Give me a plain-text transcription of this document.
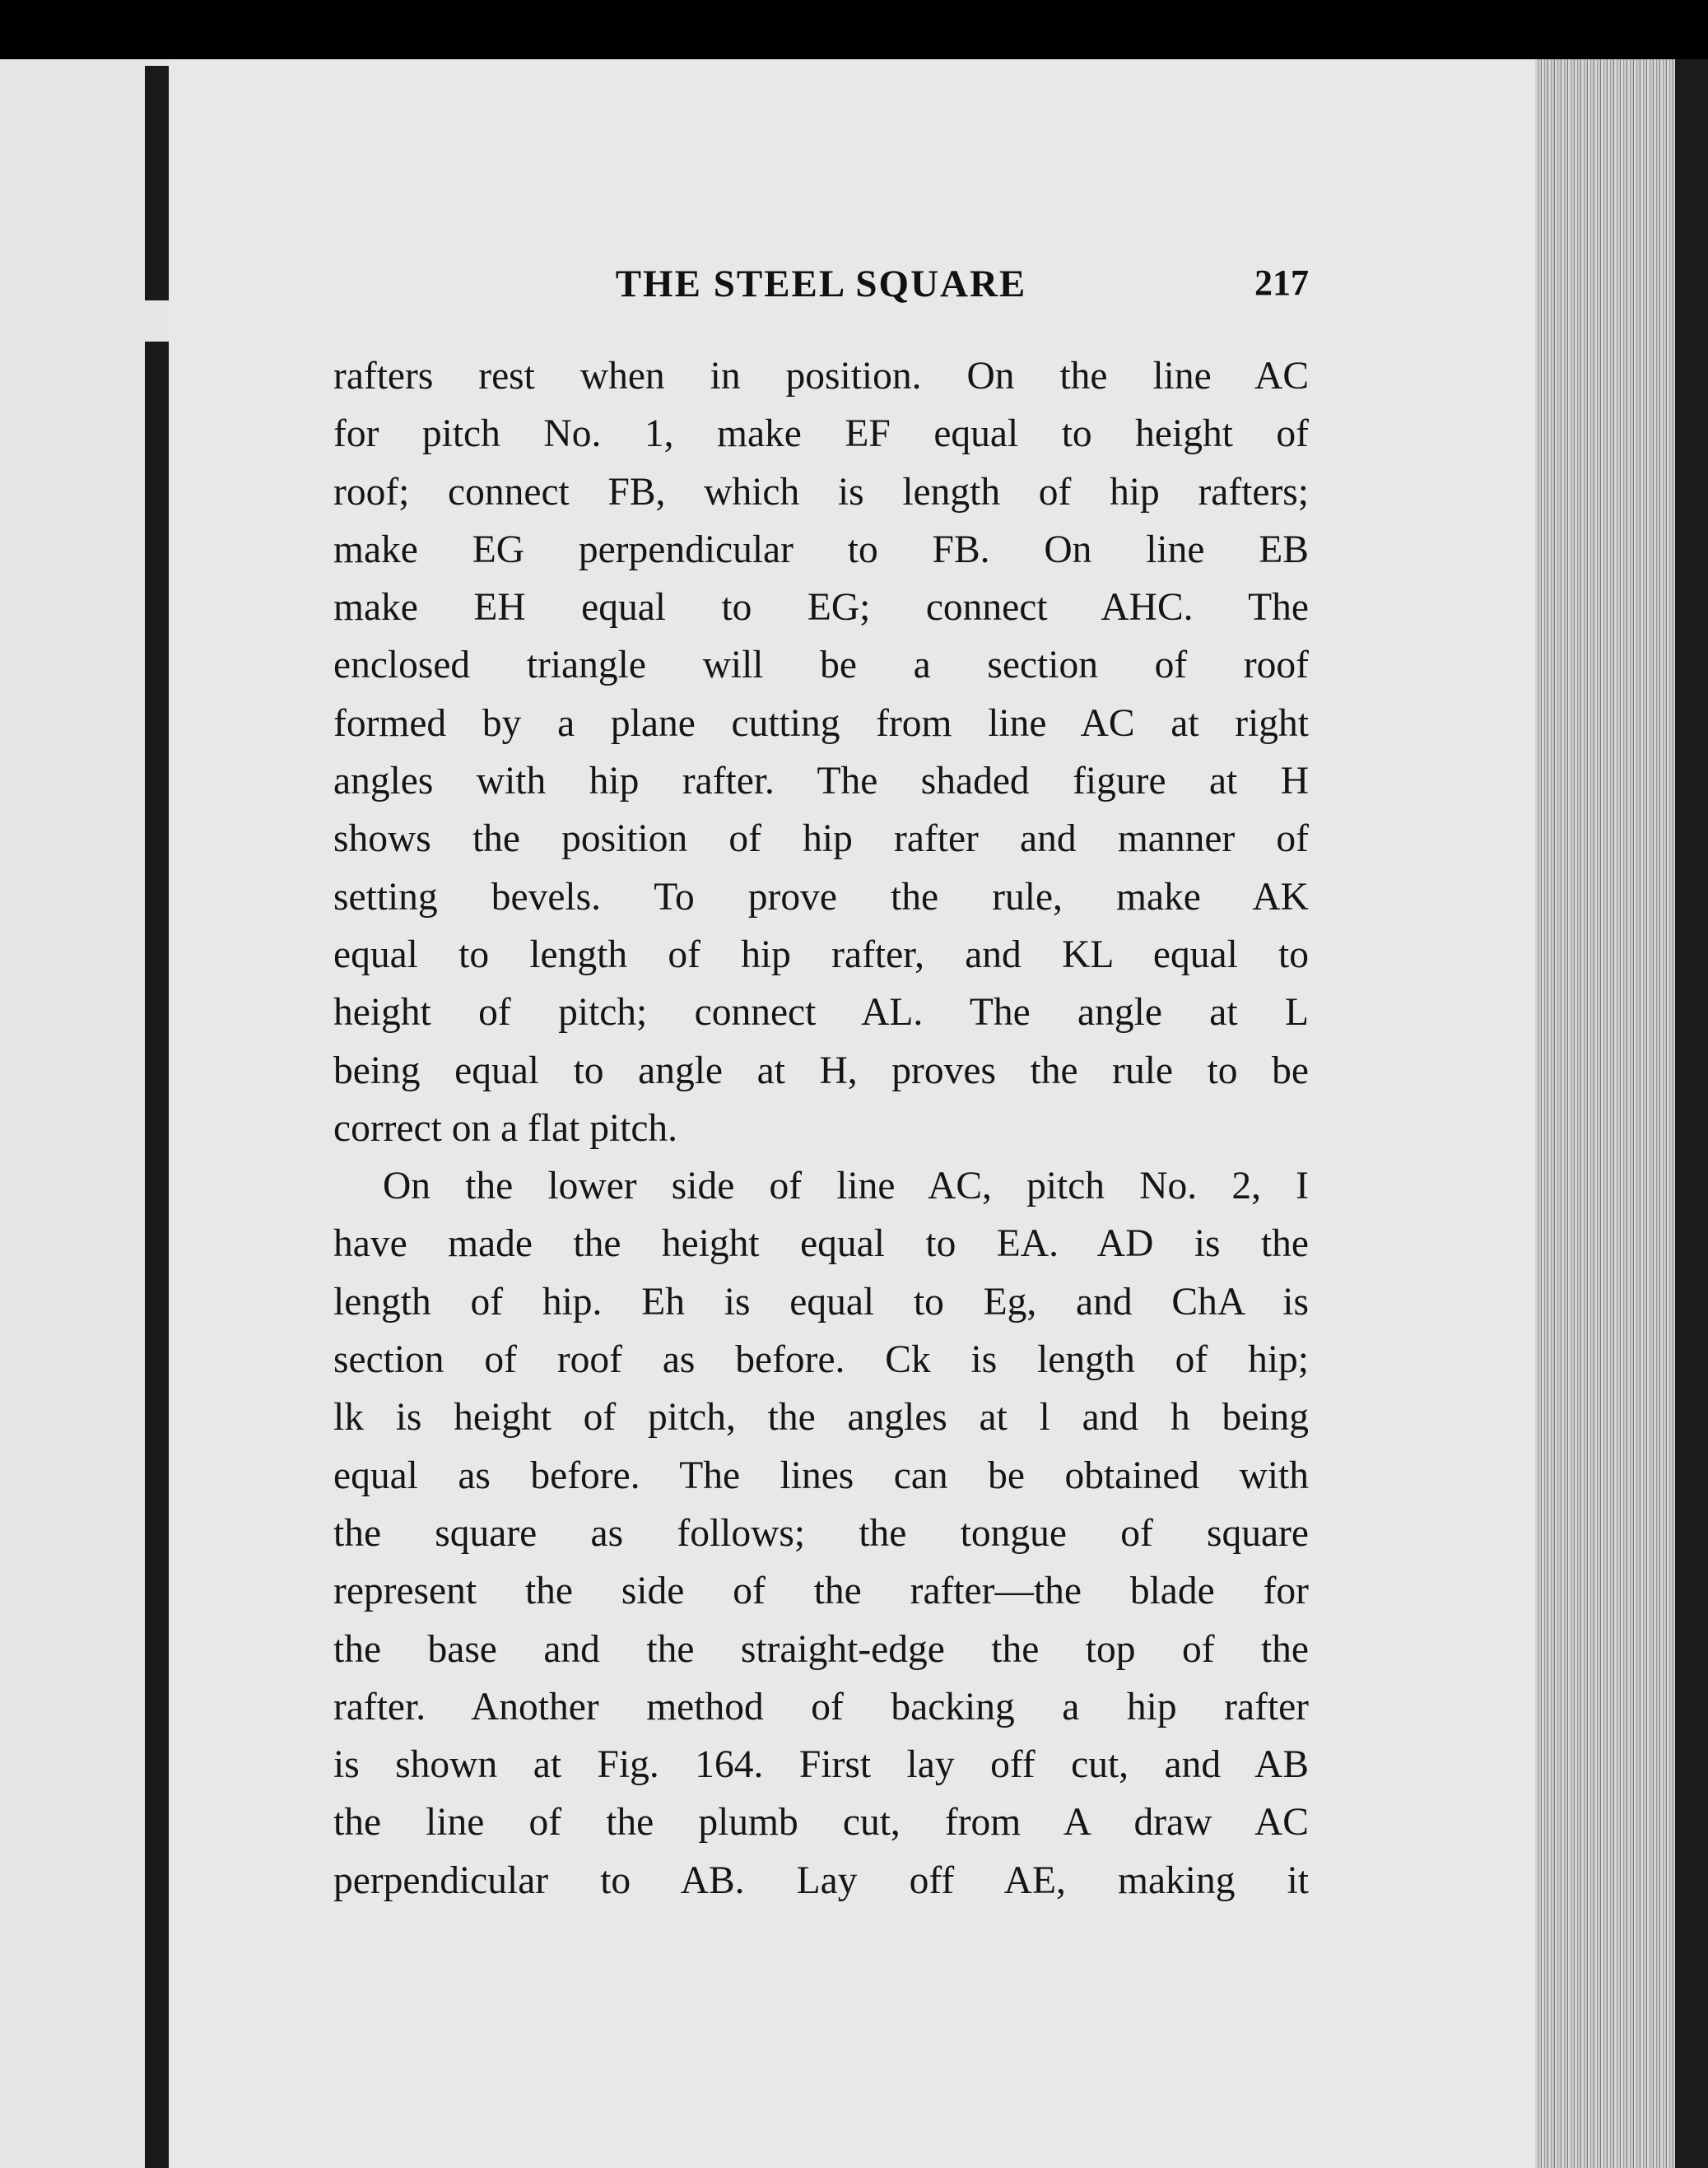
THE STEEL SQUARE	217
rafters rest when in position. On the line AC
for pitch No. 1, make EF equal to height of
roof; connect FB, which is length of hip rafters;
make EG perpendicular to FB. On line EB
make EH equal to EG; connect AHC. The
enclosed triangle will be a section of roof
formed by a plane cutting from line AC at right
angles with hip rafter. The shaded figure at H
shows the position of hip rafter and manner of
setting bevels. To prove the rule, make AK
equal to length of hip rafter, and KL equal to
height of pitch; connect AL. The angle at L
being equal to angle at H, proves the rule to be
correct on a flat pitch.
On the lower side of line AC, pitch No. 2, I
have made the height equal to EA. AD is the
length of hip. Eh is equal to Eg, and ChA is
section of roof as before. Ck is length of hip;
lk is height of pitch, the angles at l and h being
equal as before. The lines can be obtained with
the square as follows; the tongue of square
represent the side of the rafter—the blade for
the base and the straight-edge the top of the
rafter. Another method of backing a hip rafter
is shown at Fig. 164. First lay off cut, and AB
the line of the plumb cut, from A draw AC
perpendicular to AB. Lay off AE, making it
